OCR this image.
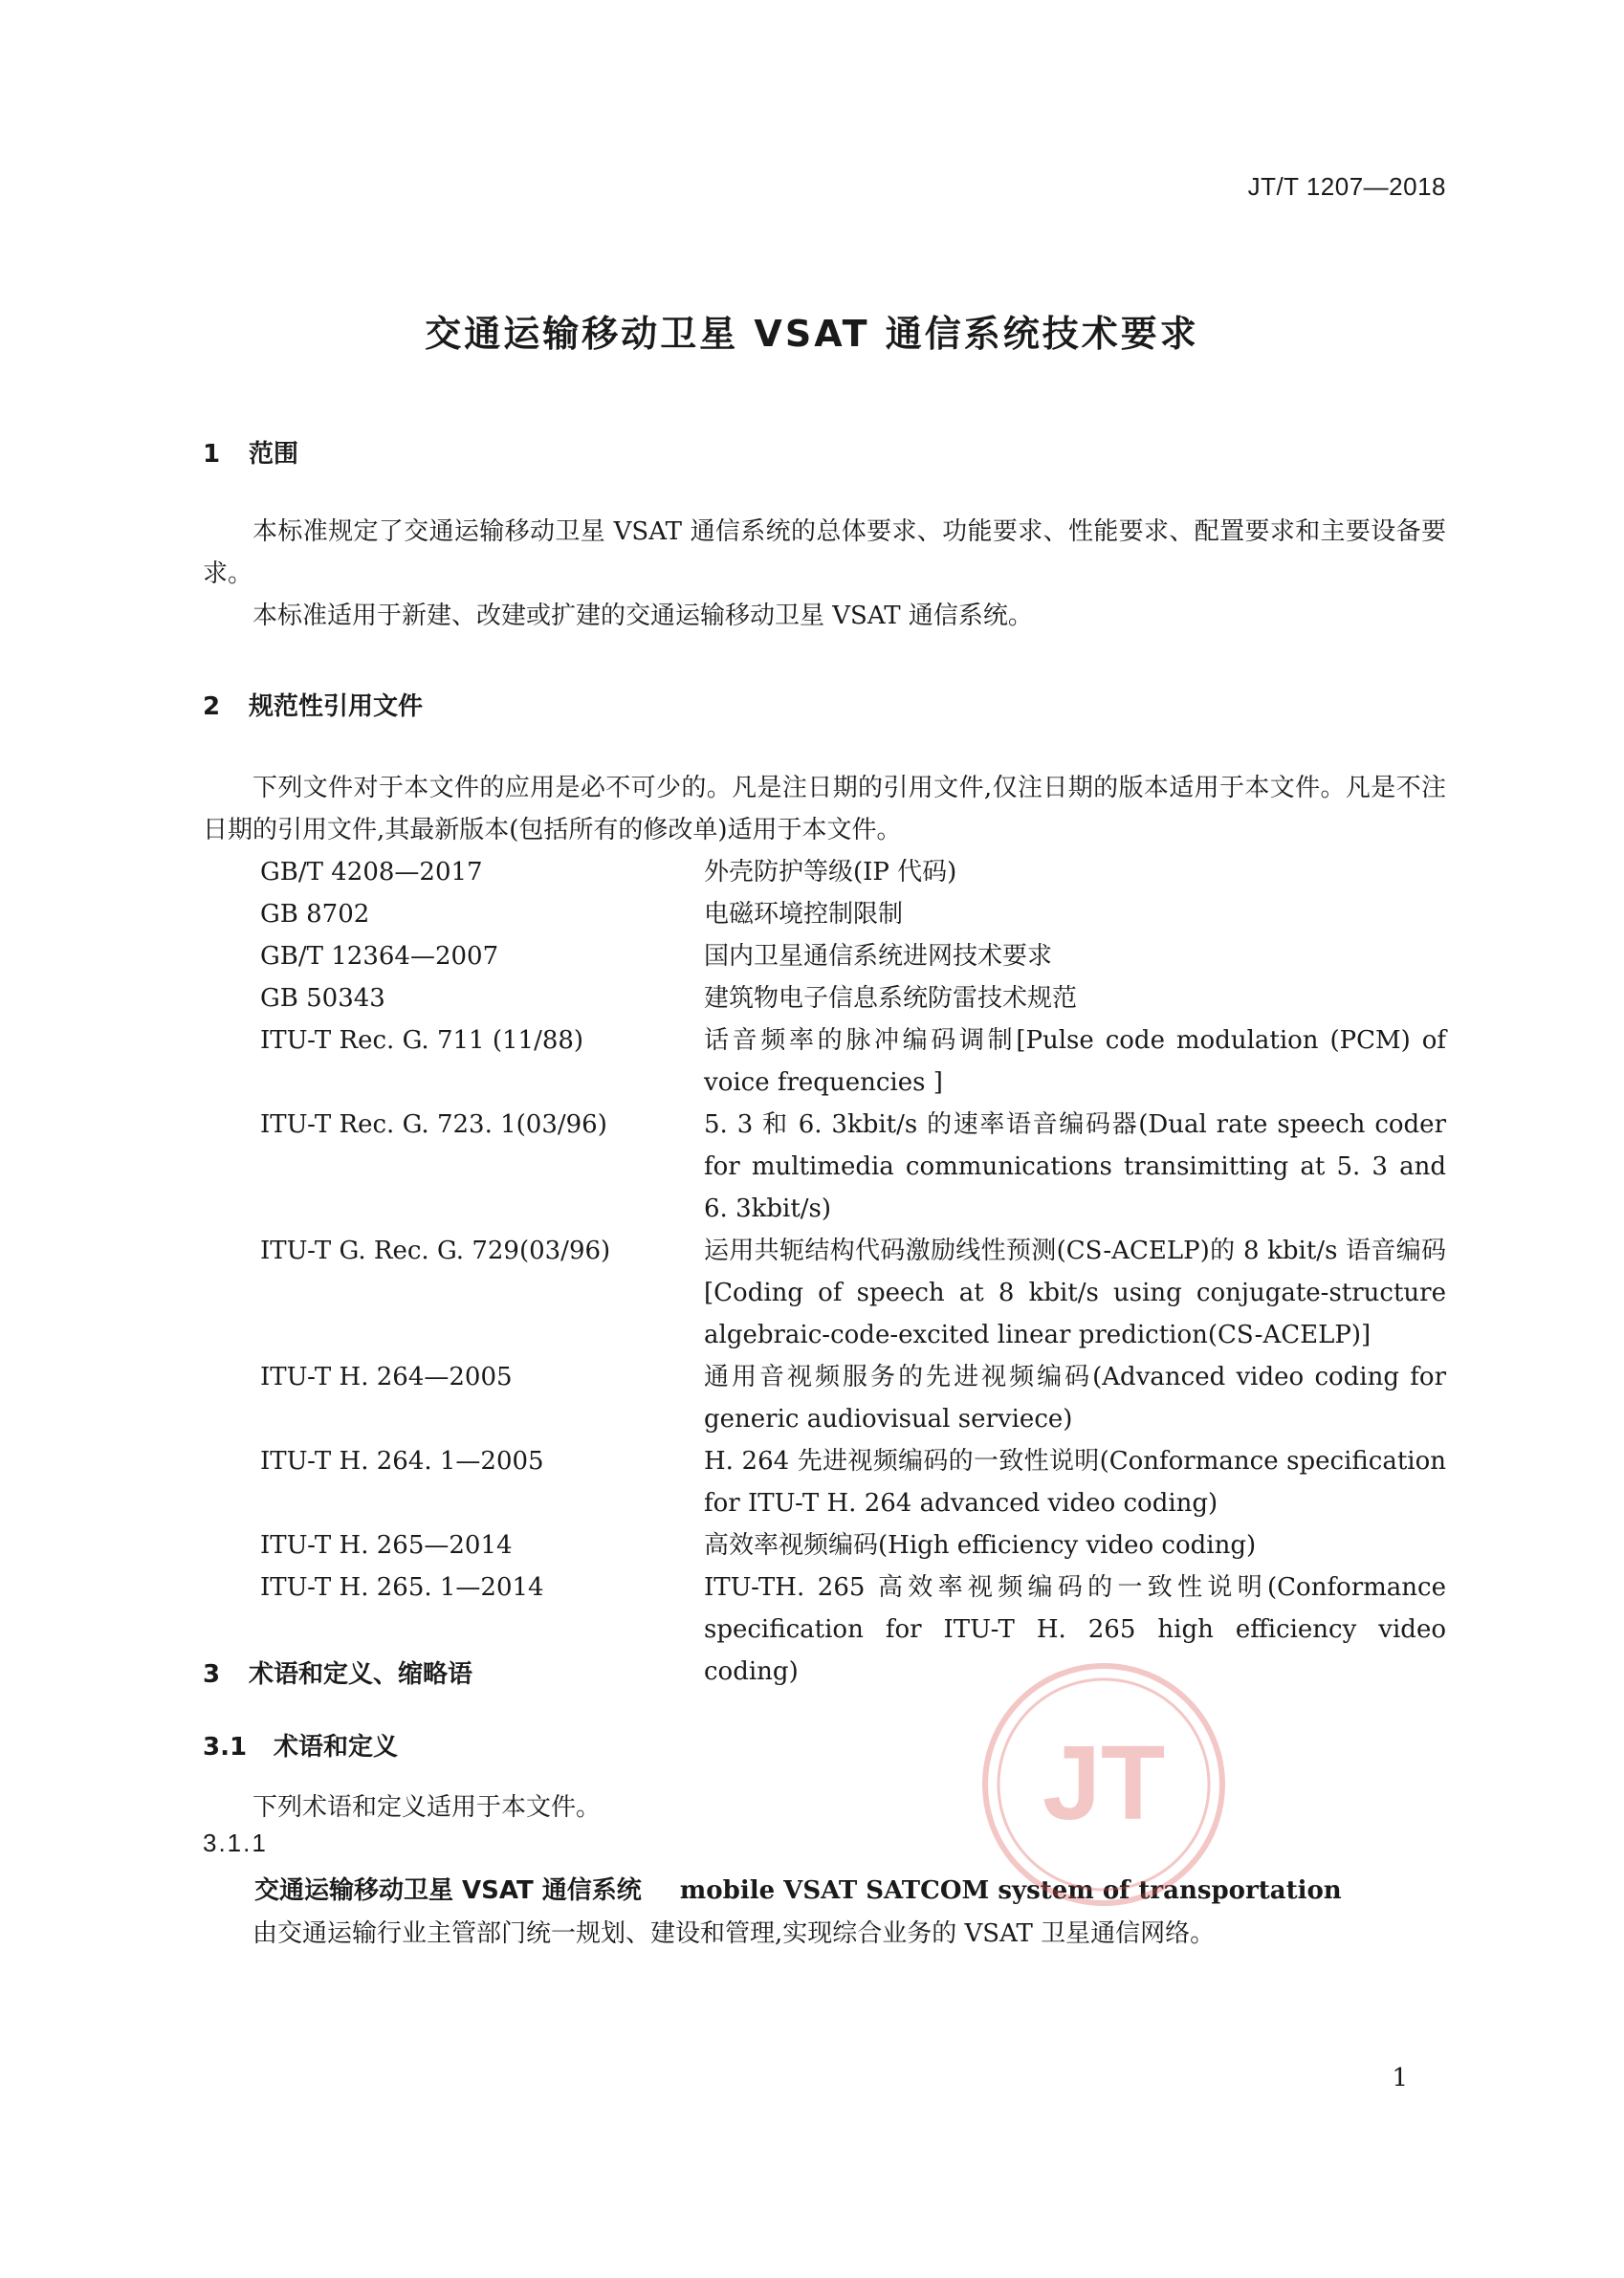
JT/T 1207—2018
交通运输移动卫星 VSAT 通信系统技术要求
1 范围
本标准规定了交通运输移动卫星 VSAT 通信系统的总体要求、功能要求、性能要求、配置要求和主要设备要求。
本标准适用于新建、改建或扩建的交通运输移动卫星 VSAT 通信系统。
2 规范性引用文件
下列文件对于本文件的应用是必不可少的。凡是注日期的引用文件,仅注日期的版本适用于本文件。凡是不注日期的引用文件,其最新版本(包括所有的修改单)适用于本文件。
GB/T 4208—2017	外壳防护等级(IP 代码)
GB 8702	电磁环境控制限制
GB/T 12364—2007	国内卫星通信系统进网技术要求
GB 50343	建筑物电子信息系统防雷技术规范
ITU-T Rec. G. 711 (11/88)	话音频率的脉冲编码调制[Pulse code modulation (PCM) of voice frequencies ]
ITU-T Rec. G. 723. 1(03/96)	5. 3 和 6. 3kbit/s 的速率语音编码器(Dual rate speech coder for multimedia communications transimitting at 5. 3 and 6. 3kbit/s)
ITU-T G. Rec. G. 729(03/96)	运用共轭结构代码激励线性预测(CS-ACELP)的 8 kbit/s 语音编码[Coding of speech at 8 kbit/s using conjugate-structure algebraic-code-excited linear prediction(CS-ACELP)]
ITU-T H. 264—2005	通用音视频服务的先进视频编码(Advanced video coding for generic audiovisual serviece)
ITU-T H. 264. 1—2005	H. 264 先进视频编码的一致性说明(Conformance specification for ITU-T H. 264 advanced video coding)
ITU-T H. 265—2014	高效率视频编码(High efficiency video coding)
ITU-T H. 265. 1—2014	ITU-TH. 265 高效率视频编码的一致性说明(Conformance specification for ITU-T H. 265 high efficiency video coding)
3 术语和定义、缩略语
3.1 术语和定义
下列术语和定义适用于本文件。
3.1.1
交通运输移动卫星 VSAT 通信系统 mobile VSAT SATCOM system of transportation
由交通运输行业主管部门统一规划、建设和管理,实现综合业务的 VSAT 卫星通信网络。
JT
1
